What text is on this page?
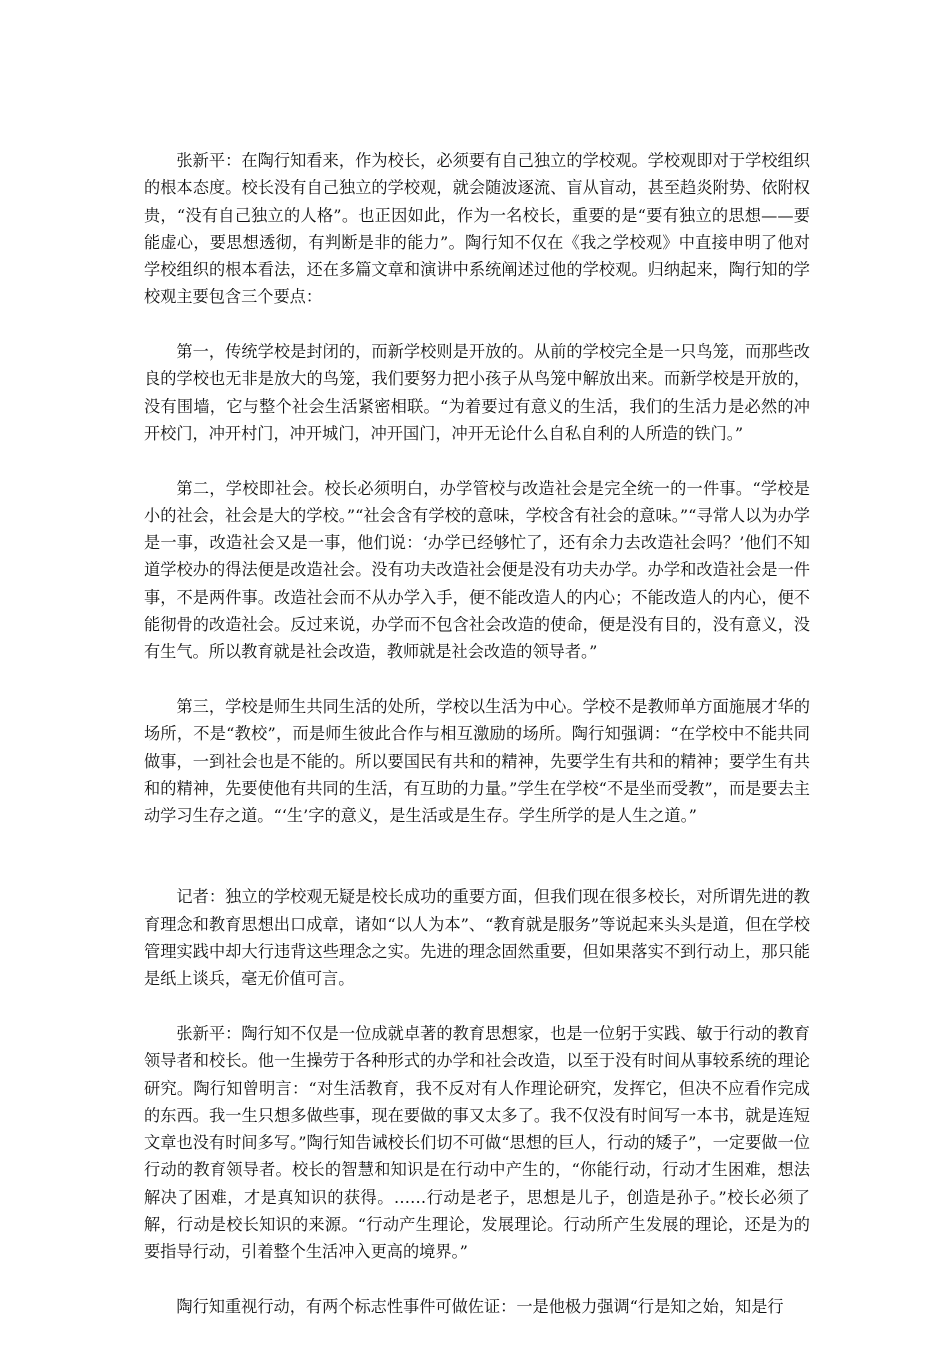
张新平：在陶行知看来，作为校长，必须要有自己独立的学校观。学校观即对于学校组织的根本态度。校长没有自己独立的学校观，就会随波逐流、盲从盲动，甚至趋炎附势、依附权贵，“没有自己独立的人格”。也正因如此，作为一名校长，重要的是“要有独立的思想——要能虚心，要思想透彻，有判断是非的能力”。陶行知不仅在《我之学校观》中直接申明了他对学校组织的根本看法，还在多篇文章和演讲中系统阐述过他的学校观。归纳起来，陶行知的学校观主要包含三个要点：

第一，传统学校是封闭的，而新学校则是开放的。从前的学校完全是一只鸟笼，而那些改良的学校也无非是放大的鸟笼，我们要努力把小孩子从鸟笼中解放出来。而新学校是开放的，没有围墙，它与整个社会生活紧密相联。“为着要过有意义的生活，我们的生活力是必然的冲开校门，冲开村门，冲开城门，冲开国门，冲开无论什么自私自利的人所造的铁门。”

第二，学校即社会。校长必须明白，办学管校与改造社会是完全统一的一件事。“学校是小的社会，社会是大的学校。”“社会含有学校的意味，学校含有社会的意味。”“寻常人以为办学是一事，改造社会又是一事，他们说：‘办学已经够忙了，还有余力去改造社会吗？’他们不知道学校办的得法便是改造社会。没有功夫改造社会便是没有功夫办学。办学和改造社会是一件事，不是两件事。改造社会而不从办学入手，便不能改造人的内心；不能改造人的内心，便不能彻骨的改造社会。反过来说，办学而不包含社会改造的使命，便是没有目的，没有意义，没有生气。所以教育就是社会改造，教师就是社会改造的领导者。”

第三，学校是师生共同生活的处所，学校以生活为中心。学校不是教师单方面施展才华的场所，不是“教校”，而是师生彼此合作与相互激励的场所。陶行知强调：“在学校中不能共同做事，一到社会也是不能的。所以要国民有共和的精神，先要学生有共和的精神；要学生有共和的精神，先要使他有共同的生活，有互助的力量。”学生在学校“不是坐而受教”，而是要去主动学习生存之道。“‘生’字的意义，是生活或是生存。学生所学的是人生之道。”

记者：独立的学校观无疑是校长成功的重要方面，但我们现在很多校长，对所谓先进的教育理念和教育思想出口成章，诸如“以人为本”、“教育就是服务”等说起来头头是道，但在学校管理实践中却大行违背这些理念之实。先进的理念固然重要，但如果落实不到行动上，那只能是纸上谈兵，毫无价值可言。

张新平：陶行知不仅是一位成就卓著的教育思想家，也是一位躬于实践、敏于行动的教育领导者和校长。他一生操劳于各种形式的办学和社会改造，以至于没有时间从事较系统的理论研究。陶行知曾明言：“对生活教育，我不反对有人作理论研究，发挥它，但决不应看作完成的东西。我一生只想多做些事，现在要做的事又太多了。我不仅没有时间写一本书，就是连短文章也没有时间多写。”陶行知告诫校长们切不可做“思想的巨人，行动的矮子”，一定要做一位行动的教育领导者。校长的智慧和知识是在行动中产生的，“你能行动，行动才生困难，想法解决了困难，才是真知识的获得。……行动是老子，思想是儿子，创造是孙子。”校长必须了解，行动是校长知识的来源。“行动产生理论，发展理论。行动所产生发展的理论，还是为的要指导行动，引着整个生活冲入更高的境界。”

陶行知重视行动，有两个标志性事件可做佐证：一是他极力强调“行是知之始，知是行
